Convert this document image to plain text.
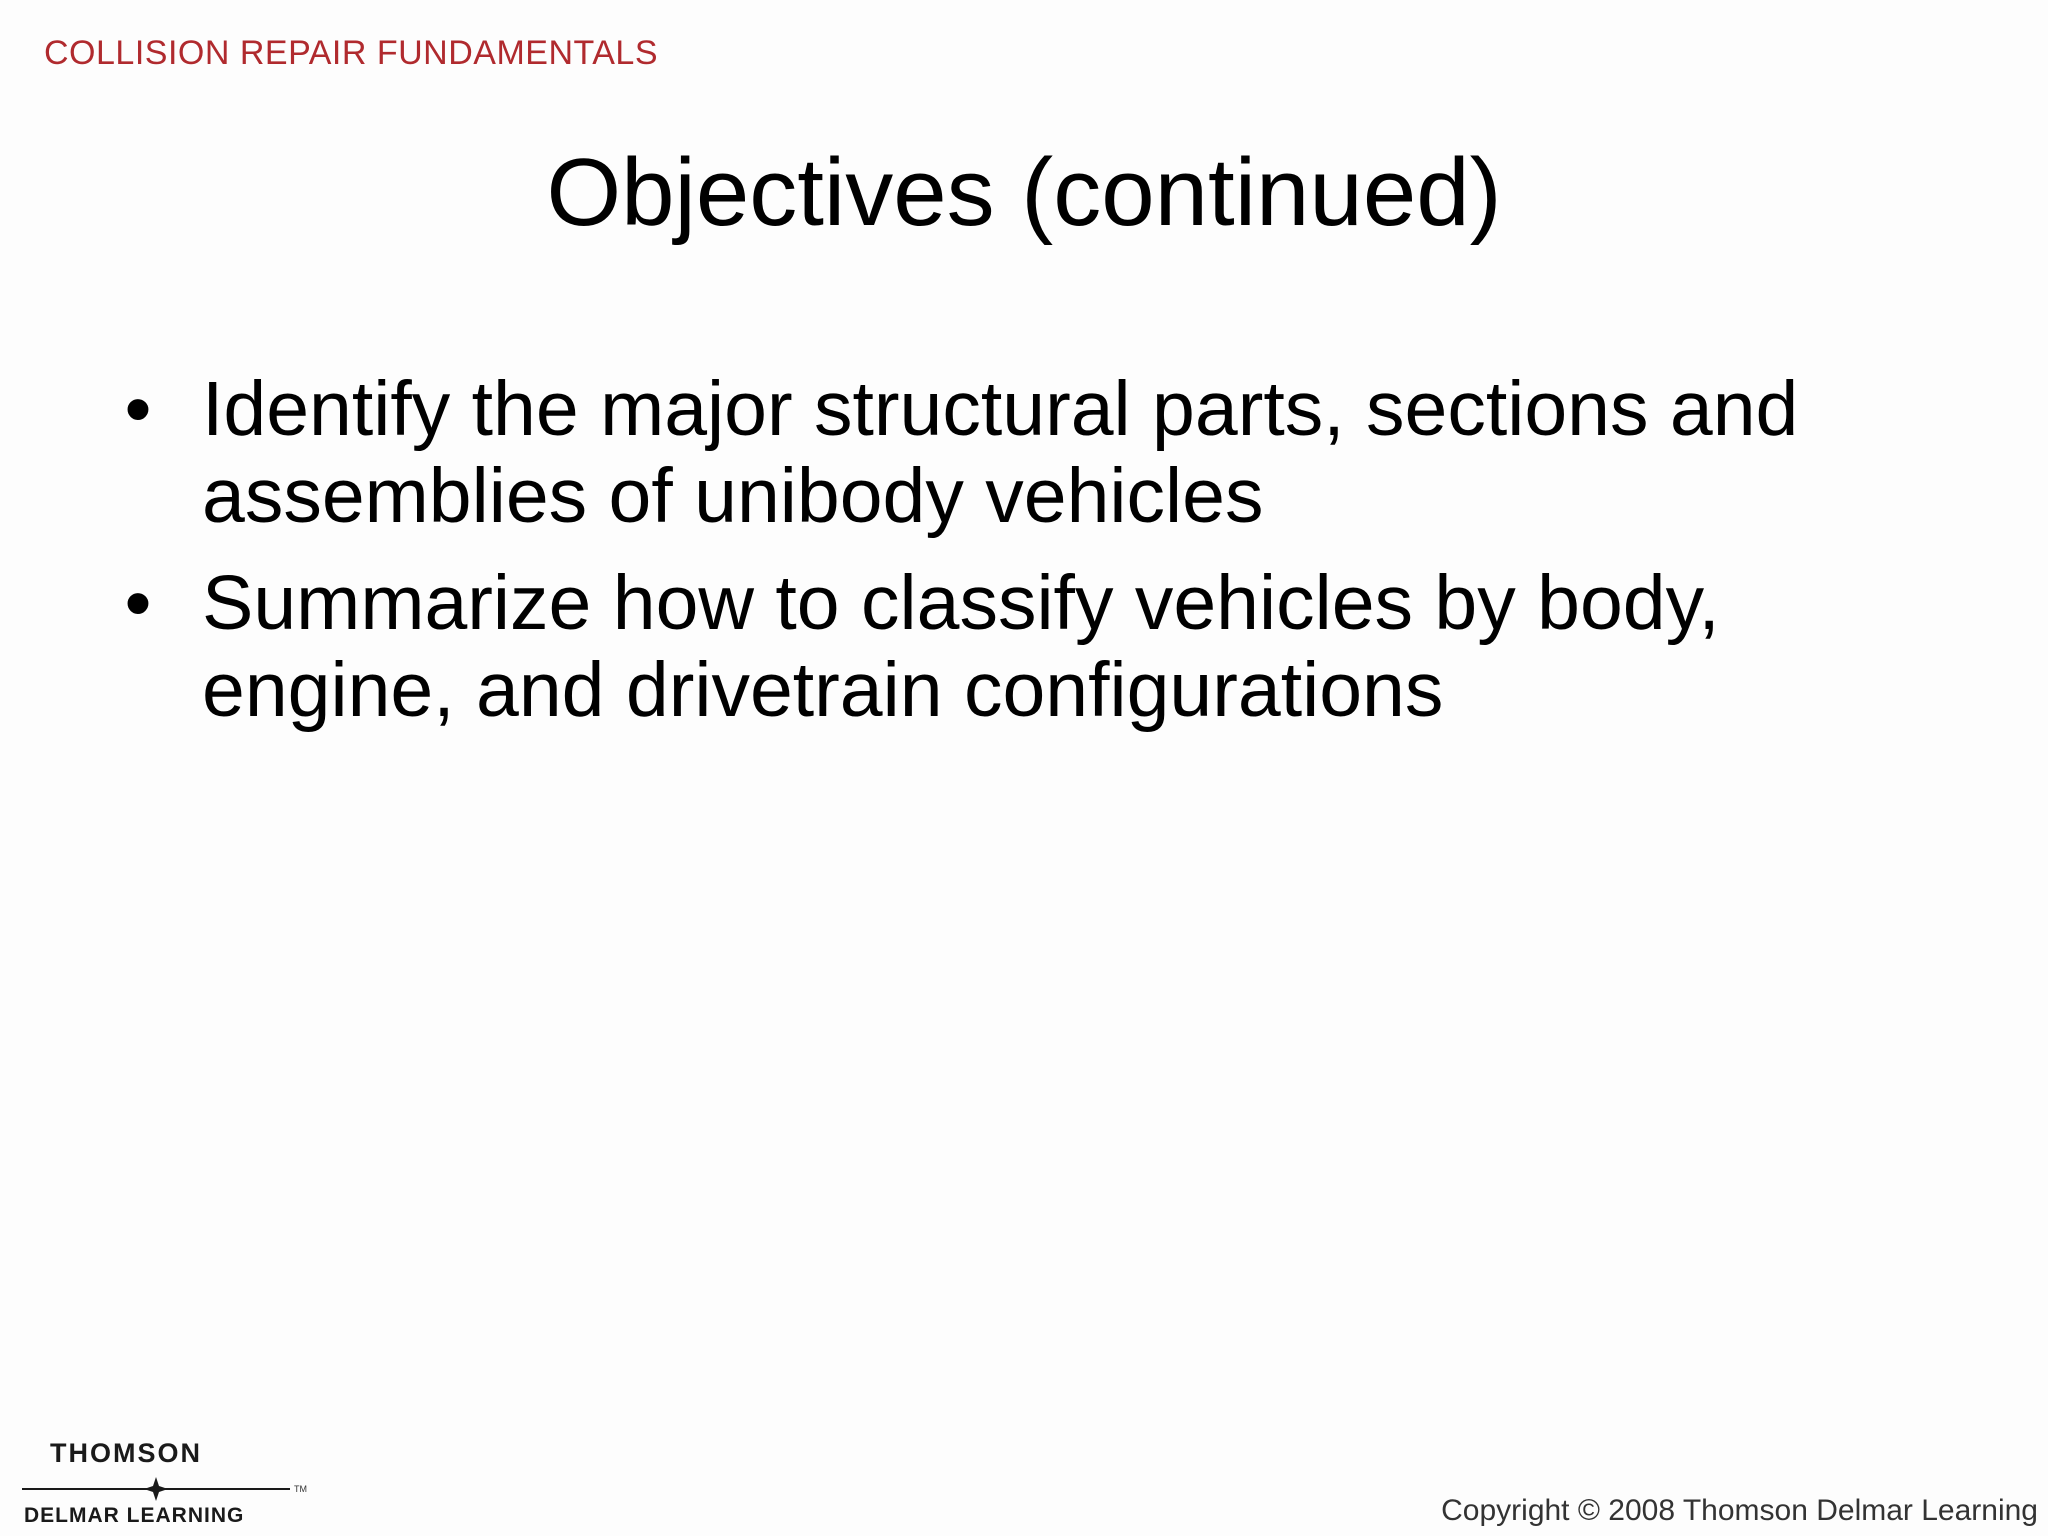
COLLISION REPAIR FUNDAMENTALS
Objectives (continued)
• Identify the major structural parts, sections and assemblies of unibody vehicles
• Summarize how to classify vehicles by body, engine, and drivetrain configurations
THOMSON
TM
DELMAR LEARNING	Copyright © 2008 Thomson Delmar Learning
